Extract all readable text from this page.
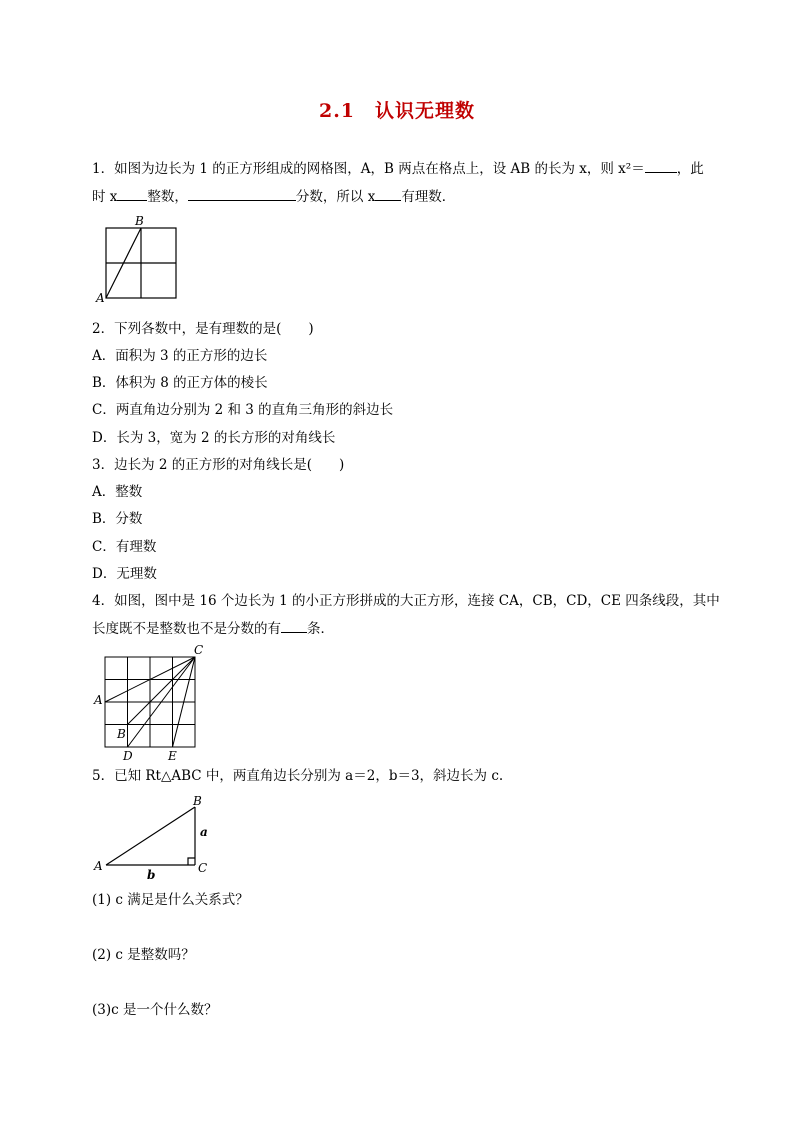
2.1　认识无理数
1．如图为边长为 1 的正方形组成的网格图，A，B 两点在格点上，设 AB 的长为 x，则 x²＝ ，此
时 x 整数，	分数，所以 x 有理数．
A
B
2．下列各数中，是有理数的是(　　)
A．面积为 3 的正方形的边长
B．体积为 8 的正方体的棱长
C．两直角边分别为 2 和 3 的直角三角形的斜边长
D．长为 3，宽为 2 的长方形的对角线长
3．边长为 2 的正方形的对角线长是(　　)
A．整数
B．分数
C．有理数
D．无理数
4．如图，图中是 16 个边长为 1 的小正方形拼成的大正方形，连接 CA，CB，CD，CE 四条线段，其中
长度既不是整数也不是分数的有 条．
C
A
B
D	E
5．已知 Rt△ABC 中，两直角边长分别为 a＝2，b＝3，斜边长为 c.
A
B
C
a
b
(1) c 满足是什么关系式？
(2) c 是整数吗？
(3)c 是一个什么数？
